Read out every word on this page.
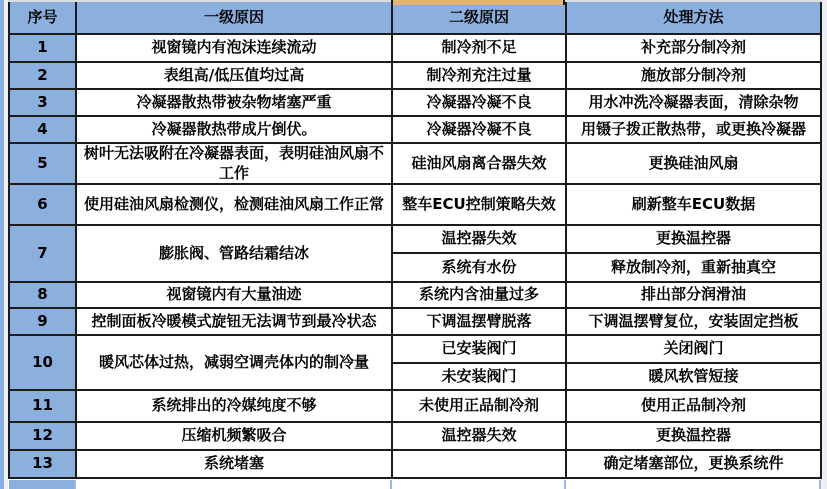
序号	一级原因	二级原因	处理方法
1	视窗镜内有泡沫连续流动	制冷剂不足	补充部分制冷剂
2	表组高/低压值均过高	制冷剂充注过量	施放部分制冷剂
3	冷凝器散热带被杂物堵塞严重	冷凝器冷凝不良	用水冲洗冷凝器表面，清除杂物
4	冷凝器散热带成片倒伏。	冷凝器冷凝不良	用镊子拨正散热带，或更换冷凝器
5	树叶无法吸附在冷凝器表面，表明硅油风扇不工作	硅油风扇离合器失效	更换硅油风扇
6	使用硅油风扇检测仪，检测硅油风扇工作正常	整车ECU控制策略失效	刷新整车ECU数据
7	膨胀阀、管路结霜结冰	温控器失效	更换温控器
		系统有水份	释放制冷剂，重新抽真空
8	视窗镜内有大量油迹	系统内含油量过多	排出部分润滑油
9	控制面板冷暖模式旋钮无法调节到最冷状态	下调温摆臂脱落	下调温摆臂复位，安装固定挡板
10	暖风芯体过热，减弱空调壳体内的制冷量	已安装阀门	关闭阀门
		未安装阀门	暖风软管短接
11	系统排出的冷媒纯度不够	未使用正品制冷剂	使用正品制冷剂
12	压缩机频繁吸合	温控器失效	更换温控器
13	系统堵塞		确定堵塞部位，更换系统件
